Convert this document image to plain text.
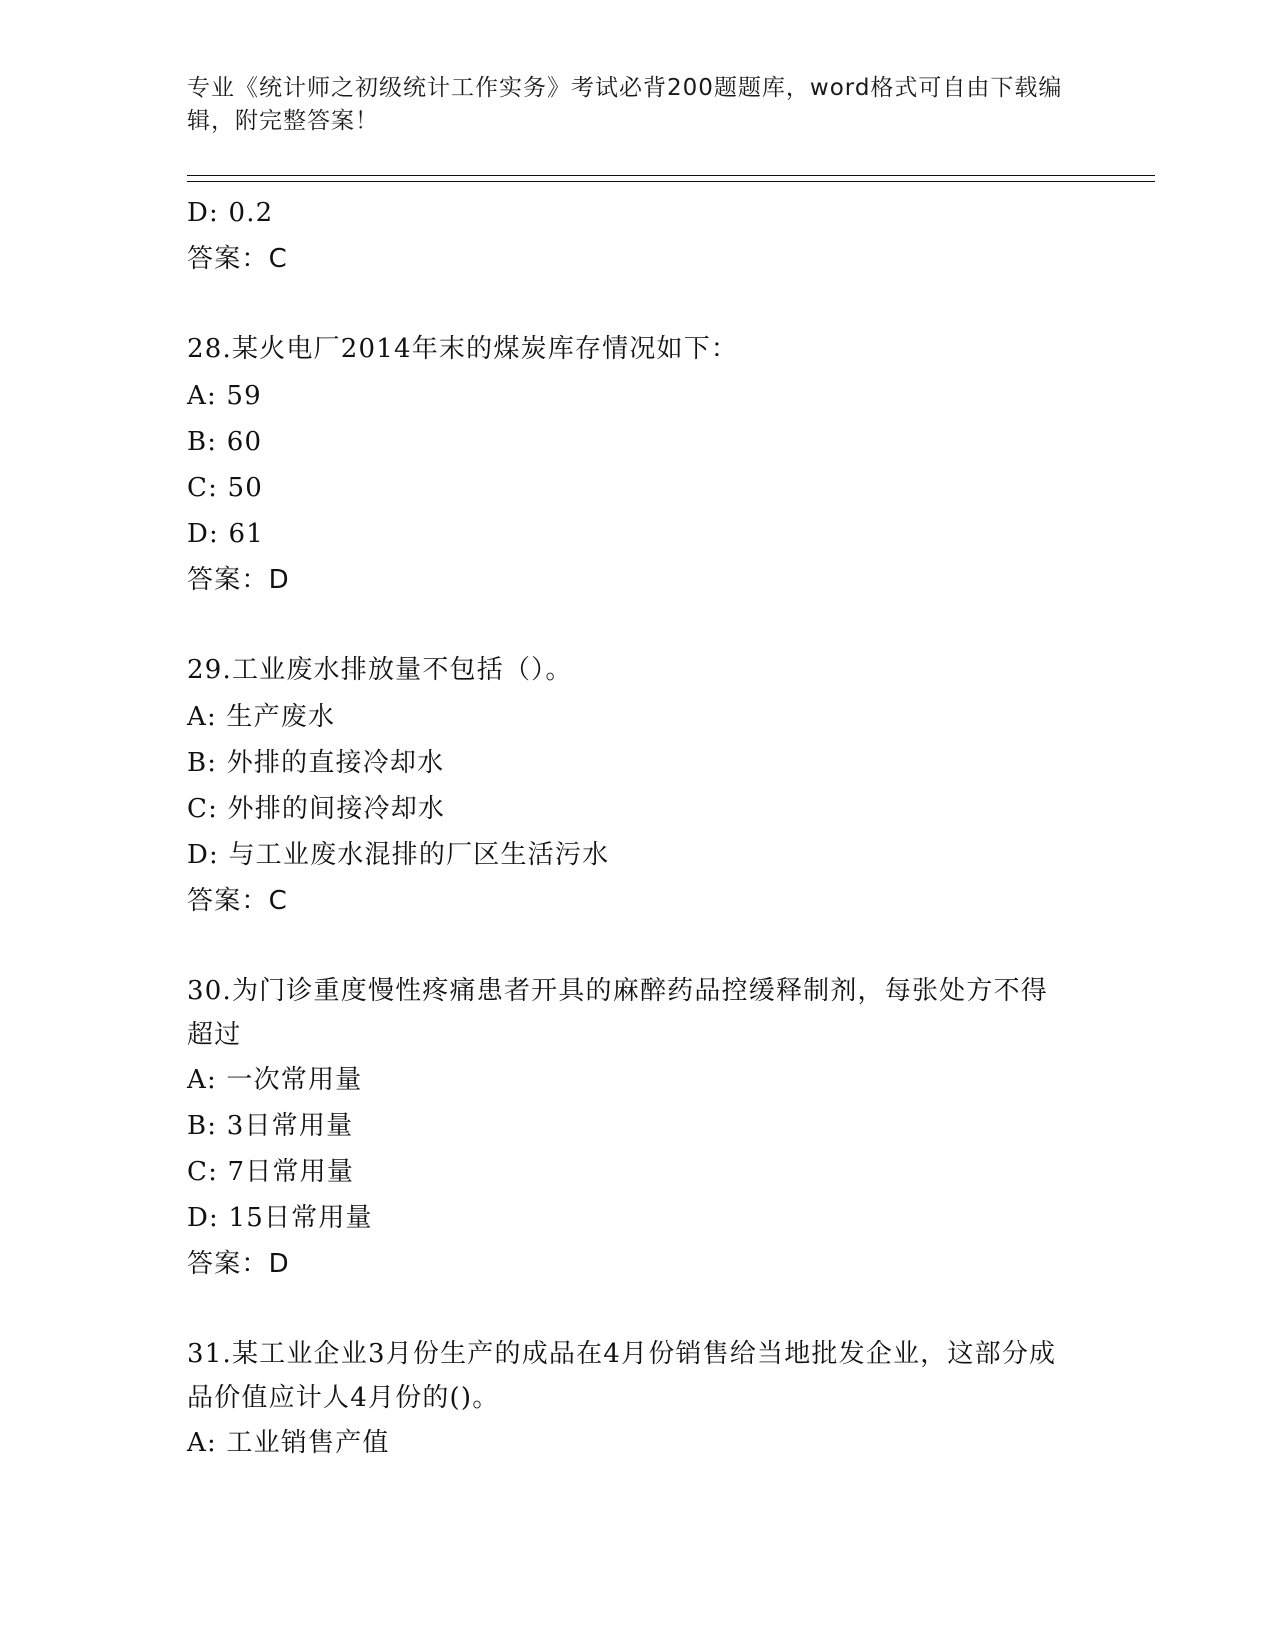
专业《统计师之初级统计工作实务》考试必背200题题库，word格式可自由下载编辑，附完整答案！
D: 0.2
答案：C
28.某火电厂2014年末的煤炭库存情况如下：
A: 59
B: 60
C: 50
D: 61
答案：D
29.工业废水排放量不包括（）。
A: 生产废水
B: 外排的直接冷却水
C: 外排的间接冷却水
D: 与工业废水混排的厂区生活污水
答案：C
30.为门诊重度慢性疼痛患者开具的麻醉药品控缓释制剂，每张处方不得超过
A: 一次常用量
B: 3日常用量
C: 7日常用量
D: 15日常用量
答案：D
31.某工业企业3月份生产的成品在4月份销售给当地批发企业，这部分成品价值应计人4月份的()。
A: 工业销售产值
